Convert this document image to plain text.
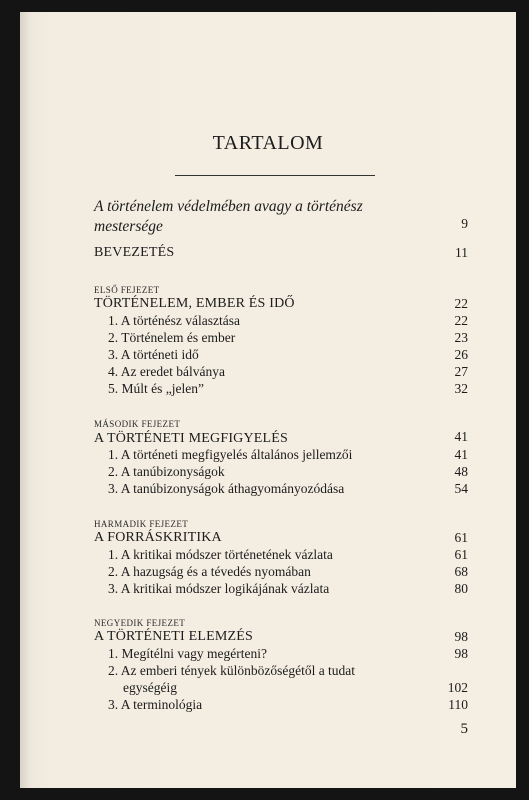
TARTALOM
A történelem védelmében avagy a történész
mestersége	9
BEVEZETÉS	11
ELSŐ FEJEZET
TÖRTÉNELEM, EMBER ÉS IDŐ	22
1. A történész választása	22
2. Történelem és ember	23
3. A történeti idő	26
4. Az eredet bálványa	27
5. Múlt és „jelen”	32
MÁSODIK FEJEZET
A TÖRTÉNETI MEGFIGYELÉS	41
1. A történeti megfigyelés általános jellemzői	41
2. A tanúbizonyságok	48
3. A tanúbizonyságok áthagyományozódása	54
HARMADIK FEJEZET
A FORRÁSKRITIKA	61
1. A kritikai módszer történetének vázlata	61
2. A hazugság és a tévedés nyomában	68
3. A kritikai módszer logikájának vázlata	80
NEGYEDIK FEJEZET
A TÖRTÉNETI ELEMZÉS	98
1. Megítélni vagy megérteni?	98
2. Az emberi tények különbözőségétől a tudat
egységéig	102
3. A terminológia	110
5
